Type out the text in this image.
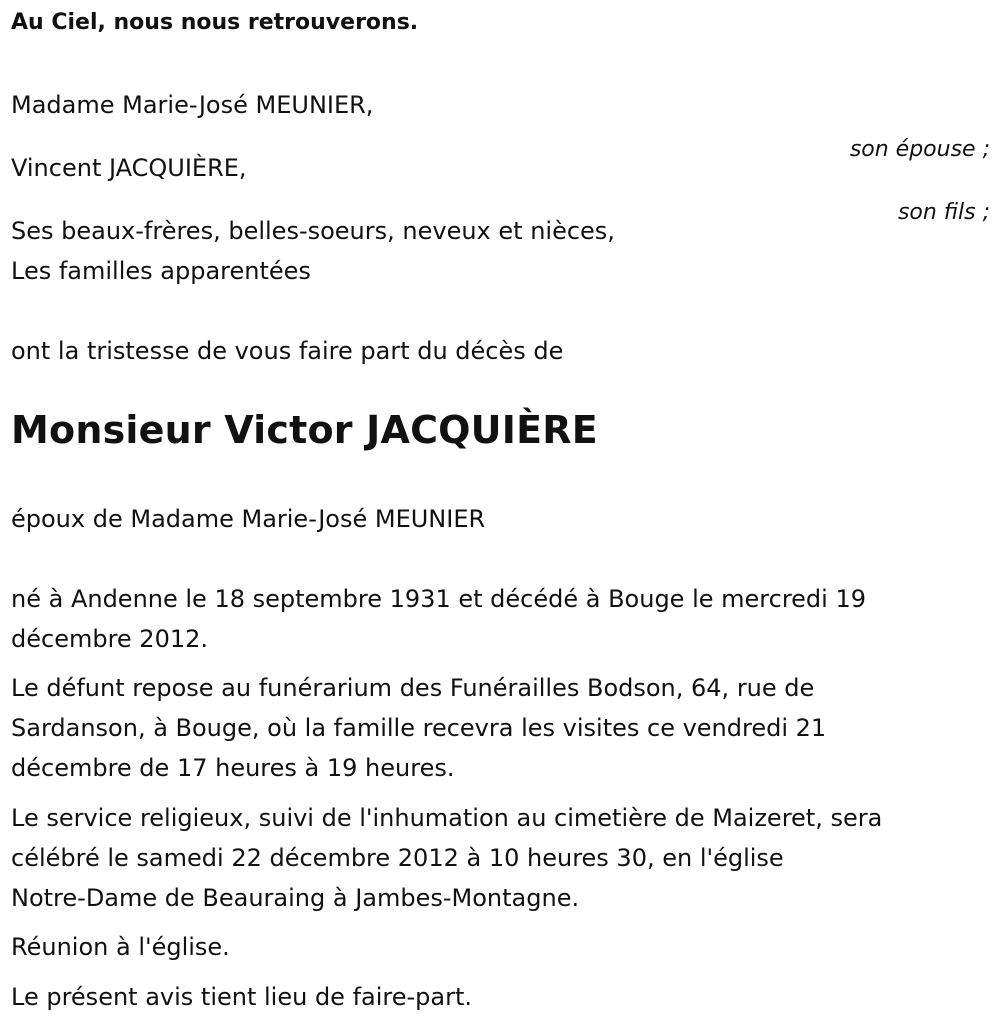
Au Ciel, nous nous retrouverons.

Madame Marie-José MEUNIER,

son épouse ;

Vincent JACQUIÈRE,

son fils ;

Ses beaux-frères, belles-soeurs, neveux et nièces,

Les familles apparentées

ont la tristesse de vous faire part du décès de

Monsieur Victor JACQUIÈRE

époux de Madame Marie-José MEUNIER

né à Andenne le 18 septembre 1931 et décédé à Bouge le mercredi 19
décembre 2012.

Le défunt repose au funérarium des Funérailles Bodson, 64, rue de
Sardanson, à Bouge, où la famille recevra les visites ce vendredi 21
décembre de 17 heures à 19 heures.

Le service religieux, suivi de l'inhumation au cimetière de Maizeret, sera
célébré le samedi 22 décembre 2012 à 10 heures 30, en l'église
Notre-Dame de Beauraing à Jambes-Montagne.

Réunion à l'église.

Le présent avis tient lieu de faire-part.
